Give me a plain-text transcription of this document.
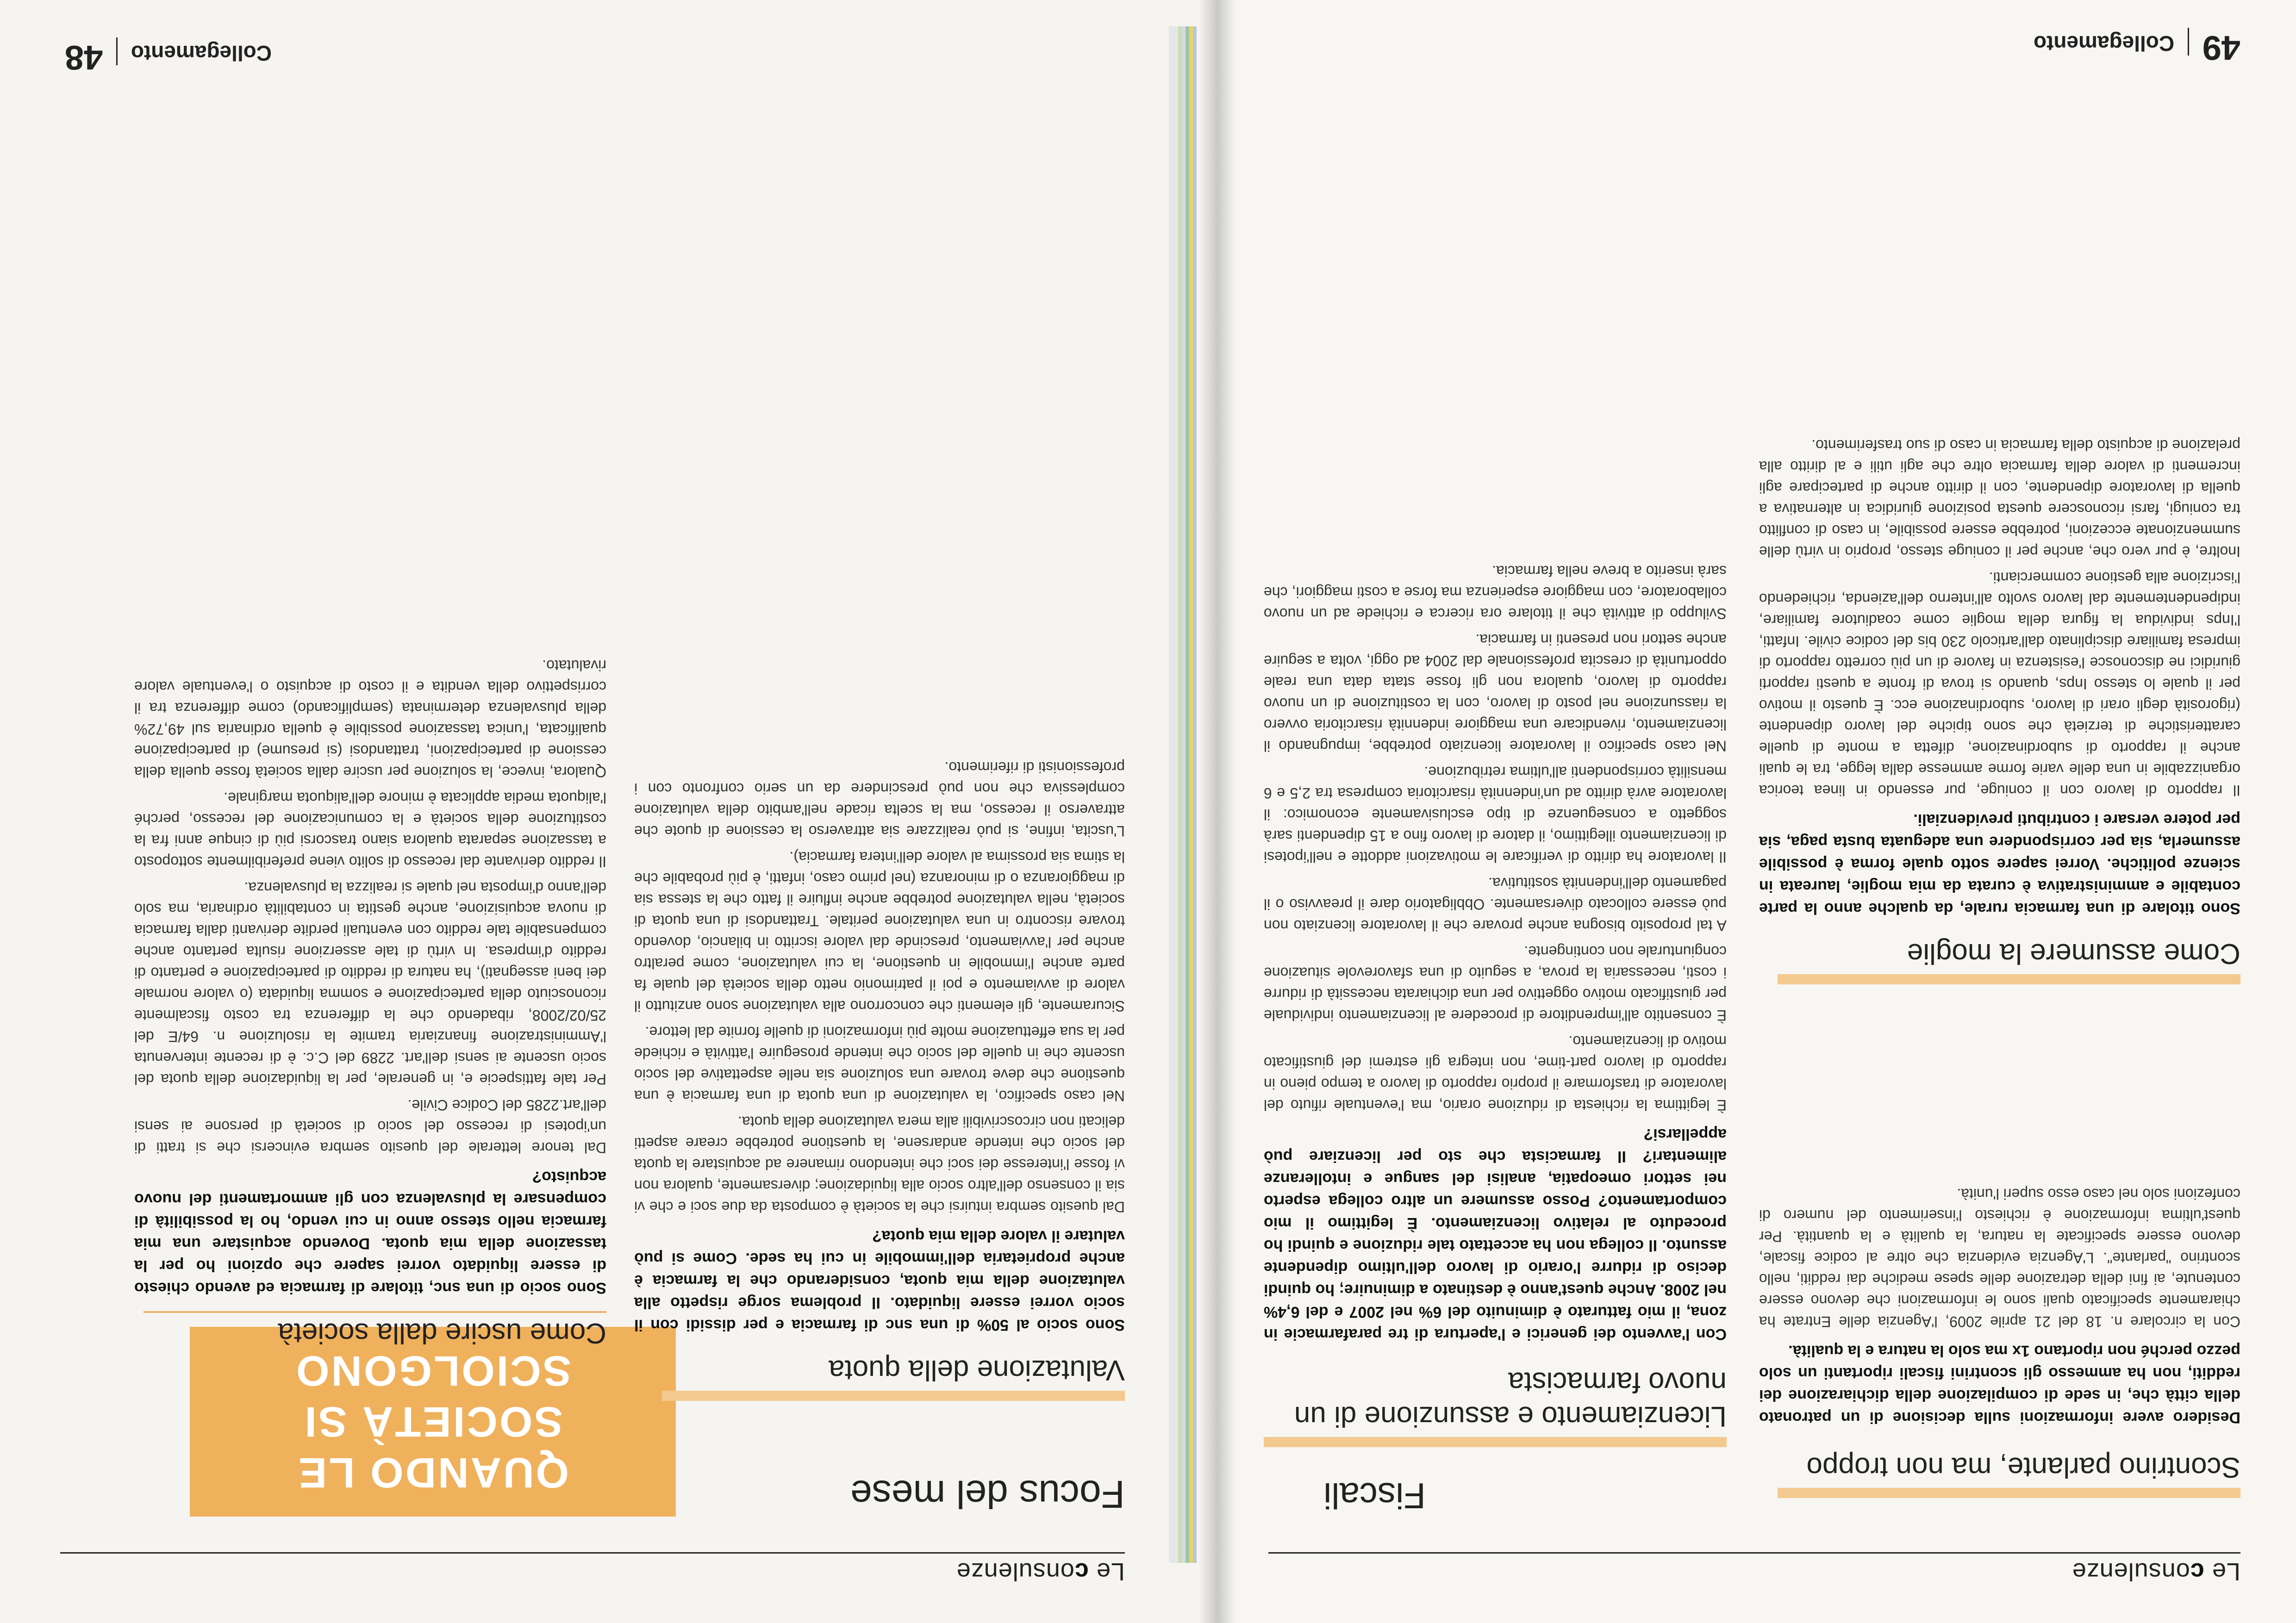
Le consulenze
Fiscali
Scontrino parlante, ma non troppo
Desidero avere informazioni sulla decisione di un patronato della città che, in sede di compilazione della dichiarazione dei redditi, non ha ammesso gli scontrini fiscali riportanti un solo pezzo perché non riportano 1x ma solo la natura e la qualità.

Con la circolare n. 18 del 21 aprile 2009, l'Agenzia delle Entrate ha chiaramente specificato quali sono le informazioni che devono essere contenute, ai fini della detrazione delle spese mediche dai redditi, nello scontrino "parlante". L'Agenzia evidenzia che oltre al codice fiscale, devono essere specificate la natura, la qualità e la quantità. Per quest'ultima informazione è richiesto l'inserimento del numero di confezioni solo nel caso esso superi l'unità.

Come assumere la moglie
Sono titolare di una farmacia rurale, da qualche anno la parte contabile e amministrativa è curata da mia moglie, laureata in scienze politiche. Vorrei sapere sotto quale forma è possibile assumerla, sia per corrispondere una adeguata busta paga, sia per potere versare i contributi previdenziali.

Il rapporto di lavoro con il coniuge, pur essendo in linea teorica organizzabile in una delle varie forme ammesse dalla legge, tra le quali anche il rapporto di subordinazione, difetta a monte di quelle caratteristiche di terzietà che sono tipiche del lavoro dipendente (rigorosità degli orari di lavoro, subordinazione ecc. È questo il motivo per il quale lo stesso Inps, quando si trova di fronte a questi rapporti giuridici ne disconosce l'esistenza in favore di un più corretto rapporto di impresa familiare disciplinato dall'articolo 230 bis del codice civile. Infatti, l'Inps individua la figura della moglie come coadiutore familiare, indipendentemente dal lavoro svolto all'interno dell'azienda, richiedendo l'iscrizione alla gestione commercianti.

Inoltre, è pur vero che, anche per il coniuge stesso, proprio in virtù delle summenzionate eccezioni, potrebbe essere possibile, in caso di conflitto tra coniugi, farsi riconoscere questa posizione giuridica in alternativa a quella di lavoratore dipendente, con il diritto anche di partecipare agli incrementi di valore della farmacia oltre che agli utili e al diritto alla prelazione di acquisto della farmacia in caso di suo trasferimento.

Licenziamento e assunzione di un nuovo farmacista
Con l'avvento dei generici e l'apertura di tre parafarmacie in zona, il mio fatturato è diminuito del 6% nel 2007 e del 6,4% nel 2008. Anche quest'anno è destinato a diminuire; ho quindi deciso di ridurre l'orario di lavoro dell'ultimo dipendente assunto. Il collega non ha accettato tale riduzione e quindi ho proceduto al relativo licenziamento. È legittimo il mio comportamento? Posso assumere un altro collega esperto nei settori omeopatia, analisi del sangue e intolleranze alimentari? Il farmacista che sto per licenziare può appellarsi?

È legittima la richiesta di riduzione orario, ma l'eventuale rifiuto del lavoratore di trasformare il proprio rapporto di lavoro a tempo pieno in rapporto di lavoro part-time, non integra gli estremi del giustificato motivo di licenziamento.

È consentito all'imprenditore di procedere al licenziamento individuale per giustificato motivo oggettivo per una dichiarata necessità di ridurre i costi, necessaria la prova, a seguito di una sfavorevole situazione congiunturale non contingente.

A tal proposito bisogna anche provare che il lavoratore licenziato non può essere collocato diversamente. Obbligatorio dare il preavviso o il pagamento dell'indennità sostitutiva.

Il lavoratore ha diritto di verificare le motivazioni addotte e nell'ipotesi di licenziamento illegittimo, il datore di lavoro fino a 15 dipendenti sarà soggetto a conseguenze di tipo esclusivamente economico: il lavoratore avrà diritto ad un'indennità risarcitoria compresa tra 2,5 e 6 mensilità corrispondenti all'ultima retribuzione.

Nel caso specifico il lavoratore licenziato potrebbe, impugnando il licenziamento, rivendicare una maggiore indennità risarcitoria ovvero la riassunzione nel posto di lavoro, con la costituzione di un nuovo rapporto di lavoro, qualora non gli fosse stata data una reale opportunità di crescita professionale dal 2004 ad oggi, volta a seguire anche settori non presenti in farmacia.

Sviluppo di attività che il titolare ora ricerca e richiede ad un nuovo collaboratore, con maggiore esperienza ma forse a costi maggiori, che sarà inserito a breve nella farmacia.

49  Collegamento
Le consulenze
Focus del mese
QUANDO LE SOCIETÀ SI SCIOLGONO	Valutazione della quota
Sono socio al 50% di una snc di farmacia e per dissidi con il socio vorrei essere liquidato. Il problema sorge rispetto alla valutazione della mia quota, considerando che la farmacia è anche proprietaria dell'immobile in cui ha sede. Come si può valutare il valore della mia quota?

Dal quesito sembra intuirsi che la società è composta da due soci e che vi sia il consenso dell'altro socio alla liquidazione; diversamente, qualora non vi fosse l'interesse dei soci che intendono rimanere ad acquistare la quota del socio che intende andarsene, la questione potrebbe creare aspetti delicati non circoscrivibili alla mera valutazione della quota.

Nel caso specifico, la valutazione di una quota di una farmacia è una questione che deve trovare una soluzione sia nelle aspettative del socio uscente che in quelle del socio che intende proseguire l'attività e richiede per la sua effettuazione molte più informazioni di quelle fornite dal lettore.

Sicuramente, gli elementi che concorrono alla valutazione sono anzitutto il valore di avviamento e poi il patrimonio netto della società del quale fa parte anche l'immobile in questione, la cui valutazione, come peraltro anche per l'avviamento, prescinde dal valore iscritto in bilancio, dovendo trovare riscontro in una valutazione peritale. Trattandosi di una quota di società, nella valutazione potrebbe anche influire il fatto che la stessa sia di maggioranza o di minoranza (nel primo caso, infatti, è più probabile che la stima sia prossima al valore dell'intera farmacia).

L'uscita, infine, si può realizzare sia attraverso la cessione di quote che attraverso il recesso, ma la scelta ricade nell'ambito della valutazione complessiva che non può prescindere da un serio confronto con i professionisti di riferimento.

Come uscire dalla società
Sono socio di una snc, titolare di farmacia ed avendo chiesto di essere liquidato vorrei sapere che opzioni ho per la tassazione della mia quota. Dovendo acquistare una mia farmacia nello stesso anno in cui vendo, ho la possibilità di compensare la plusvalenza con gli ammortamenti del nuovo acquisto?

Dal tenore letterale del quesito sembra evincersi che si tratti di un'ipotesi di recesso del socio di società di persone ai sensi dell'art.2285 del Codice Civile.

Per tale fattispecie e, in generale, per la liquidazione della quota del socio uscente ai sensi dell'art. 2289 del C.c. è di recente intervenuta l'Amministrazione finanziaria tramite la risoluzione n. 64/E del 25/02/2008, ribadendo che la differenza tra costo fiscalmente riconosciuto della partecipazione e somma liquidata (o valore normale dei beni assegnati), ha natura di reddito di partecipazione e pertanto di reddito d'impresa. In virtù di tale asserzione risulta pertanto anche compensabile tale reddito con eventuali perdite derivanti dalla farmacia di nuova acquisizione, anche gestita in contabilità ordinaria, ma solo dell'anno d'imposta nel quale si realizza la plusvalenza.

Il reddito derivante dal recesso di solito viene preferibilmente sottoposto a tassazione separata qualora siano trascorsi più di cinque anni fra la costituzione della società e la comunicazione del recesso, perché l'aliquota media applicata è minore dell'aliquota marginale.

Qualora, invece, la soluzione per uscire dalla società fosse quella della cessione di partecipazioni, trattandosi (si presume) di partecipazione qualificata, l'unica tassazione possibile è quella ordinaria sul 49,72% della plusvalenza determinata (semplificando) come differenza tra il corrispettivo della vendita e il costo di acquisto o l'eventuale valore rivalutato.

Collegamento  48
